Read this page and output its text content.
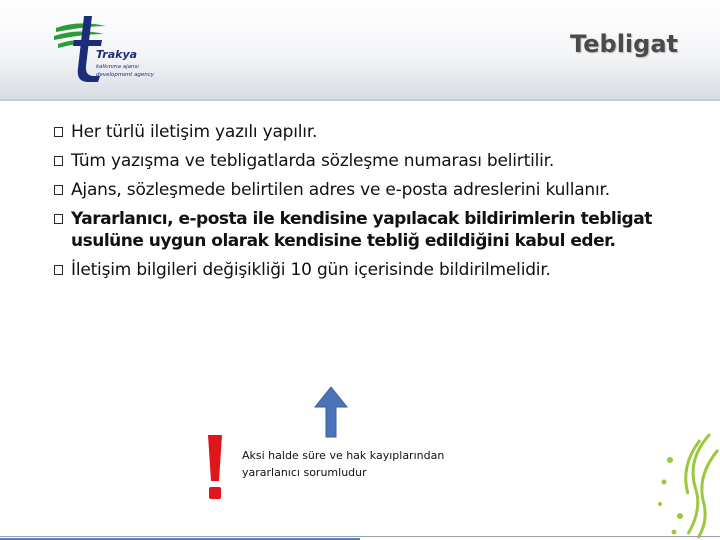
Trakya
kalkınma ajansı
development agency
Tebligat
Her türlü iletişim yazılı yapılır.
Tüm yazışma ve tebligatlarda sözleşme numarası belirtilir.
Ajans, sözleşmede belirtilen adres ve e-posta adreslerini kullanır.
Yararlanıcı, e-posta ile kendisine yapılacak bildirimlerin tebligat usulüne uygun olarak kendisine tebliğ edildiğini kabul eder.
İletişim bilgileri değişikliği 10 gün içerisinde bildirilmelidir.
Aksi halde süre ve hak kayıplarından
yararlanıcı sorumludur
